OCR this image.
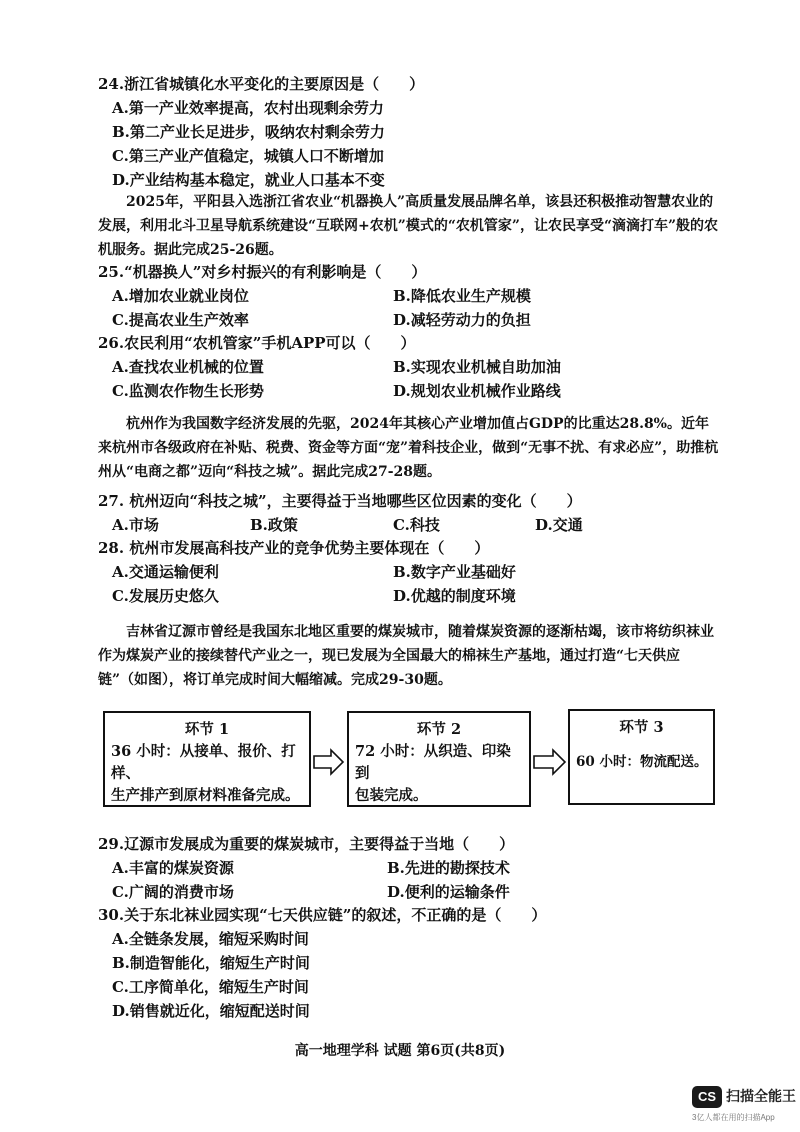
24.浙江省城镇化水平变化的主要原因是（　　）
A.第一产业效率提高，农村出现剩余劳力
B.第二产业长足进步，吸纳农村剩余劳力
C.第三产业产值稳定，城镇人口不断增加
D.产业结构基本稳定，就业人口基本不变
2025年，平阳县入选浙江省农业“机器换人”高质量发展品牌名单，该县还积极推动智慧农业的发展，利用北斗卫星导航系统建设“互联网+农机”模式的“农机管家”，让农民享受“滴滴打车”般的农机服务。据此完成25-26题。
25.“机器换人”对乡村振兴的有利影响是（　　）
A.增加农业就业岗位	B.降低农业生产规模
C.提高农业生产效率	D.减轻劳动力的负担
26.农民利用“农机管家”手机APP可以（　　）
A.查找农业机械的位置	B.实现农业机械自助加油
C.监测农作物生长形势	D.规划农业机械作业路线
杭州作为我国数字经济发展的先驱，2024年其核心产业增加值占GDP的比重达28.8%。近年来杭州市各级政府在补贴、税费、资金等方面“宠”着科技企业，做到“无事不扰、有求必应”，助推杭州从“电商之都”迈向“科技之城”。据此完成27-28题。
27. 杭州迈向“科技之城”，主要得益于当地哪些区位因素的变化（　　）
A.市场	B.政策	C.科技	D.交通
28. 杭州市发展高科技产业的竞争优势主要体现在（　　）
A.交通运输便利	B.数字产业基础好
C.发展历史悠久	D.优越的制度环境
吉林省辽源市曾经是我国东北地区重要的煤炭城市，随着煤炭资源的逐渐枯竭，该市将纺织袜业作为煤炭产业的接续替代产业之一，现已发展为全国最大的棉袜生产基地，通过打造“七天供应链”（如图），将订单完成时间大幅缩减。完成29-30题。
环节 1
36 小时：从接单、报价、打样、
生产排产到原材料准备完成。
环节 2
72 小时：从织造、印染到
包装完成。
环节 3
60 小时：物流配送。
29.辽源市发展成为重要的煤炭城市，主要得益于当地（　　）
A.丰富的煤炭资源	B.先进的勘探技术
C.广阔的消费市场	D.便利的运输条件
30.关于东北袜业园实现“七天供应链”的叙述，不正确的是（　　）
A.全链条发展，缩短采购时间
B.制造智能化，缩短生产时间
C.工序简单化，缩短生产时间
D.销售就近化，缩短配送时间
高一地理学科 试题 第6页(共8页)
CS 扫描全能王
3亿人都在用的扫描App
